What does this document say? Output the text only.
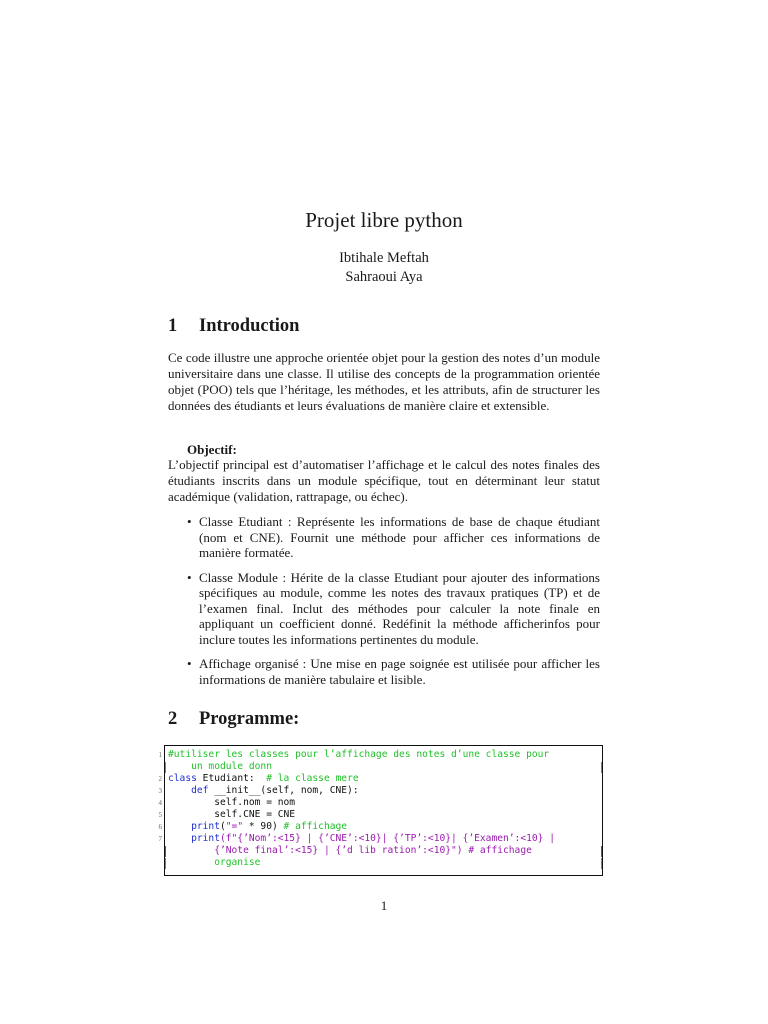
Projet libre python
Ibtihale Meftah
Sahraoui Aya
1 Introduction
Ce code illustre une approche orientée objet pour la gestion des notes d’un module universitaire dans une classe. Il utilise des concepts de la programmation orientée objet (POO) tels que l’héritage, les méthodes, et les attributs, afin de structurer les données des étudiants et leurs évaluations de manière claire et extensible.
Objectif:
L’objectif principal est d’automatiser l’affichage et le calcul des notes finales des étudiants inscrits dans un module spécifique, tout en déterminant leur statut académique (validation, rattrapage, ou échec).
• Classe Etudiant : Représente les informations de base de chaque étudiant (nom et CNE). Fournit une méthode pour afficher ces informations de manière formatée.
• Classe Module : Hérite de la classe Etudiant pour ajouter des informations spécifiques au module, comme les notes des travaux pratiques (TP) et de l’examen final. Inclut des méthodes pour calculer la note finale en appliquant un coefficient donné. Redéfinit la méthode afficherinfos pour inclure toutes les informations pertinentes du module.
• Affichage organisé : Une mise en page soignée est utilisée pour afficher les informations de manière tabulaire et lisible.
2 Programme:
1
2
3
4
5
6
7
#utiliser les classes pour l’affichage des notes d’une classe pour
un module donn
class Etudiant:  # la classe mere
def __init__(self, nom, CNE):
self.nom = nom
self.CNE = CNE
print("=" * 90) # affichage
print(f"{’Nom’:<15} | {’CNE’:<10}| {’TP’:<10}| {’Examen’:<10} |
{’Note final’:<15} | {’d lib ration’:<10}") # affichage
organise
1
